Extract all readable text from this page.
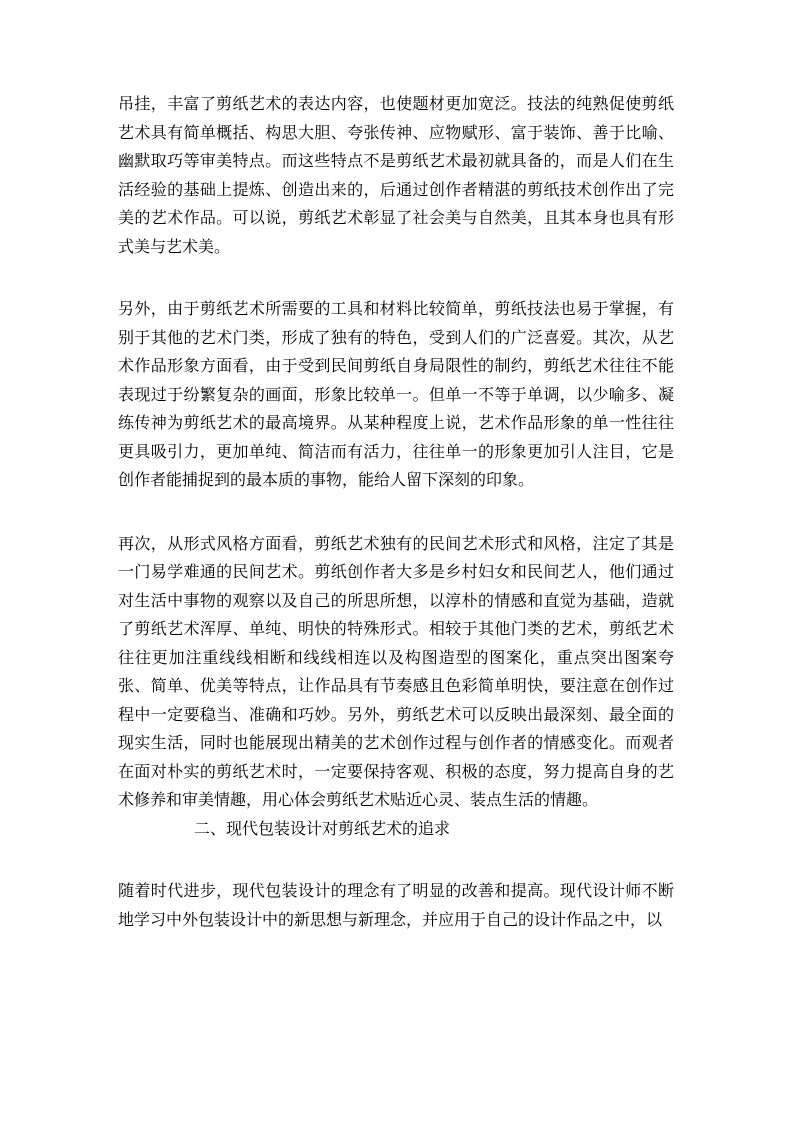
吊挂，丰富了剪纸艺术的表达内容，也使题材更加宽泛。技法的纯熟促使剪纸艺术具有简单概括、构思大胆、夸张传神、应物赋形、富于装饰、善于比喻、幽默取巧等审美特点。而这些特点不是剪纸艺术最初就具备的，而是人们在生活经验的基础上提炼、创造出来的，后通过创作者精湛的剪纸技术创作出了完美的艺术作品。可以说，剪纸艺术彰显了社会美与自然美，且其本身也具有形式美与艺术美。

另外，由于剪纸艺术所需要的工具和材料比较简单，剪纸技法也易于掌握，有别于其他的艺术门类，形成了独有的特色，受到人们的广泛喜爱。其次，从艺术作品形象方面看，由于受到民间剪纸自身局限性的制约，剪纸艺术往往不能表现过于纷繁复杂的画面，形象比较单一。但单一不等于单调，以少喻多、凝练传神为剪纸艺术的最高境界。从某种程度上说，艺术作品形象的单一性往往更具吸引力，更加单纯、简洁而有活力，往往单一的形象更加引人注目，它是创作者能捕捉到的最本质的事物，能给人留下深刻的印象。

再次，从形式风格方面看，剪纸艺术独有的民间艺术形式和风格，注定了其是一门易学难通的民间艺术。剪纸创作者大多是乡村妇女和民间艺人，他们通过对生活中事物的观察以及自己的所思所想，以淳朴的情感和直觉为基础，造就了剪纸艺术浑厚、单纯、明快的特殊形式。相较于其他门类的艺术，剪纸艺术往往更加注重线线相断和线线相连以及构图造型的图案化，重点突出图案夸张、简单、优美等特点，让作品具有节奏感且色彩简单明快，要注意在创作过程中一定要稳当、准确和巧妙。另外，剪纸艺术可以反映出最深刻、最全面的现实生活，同时也能展现出精美的艺术创作过程与创作者的情感变化。而观者在面对朴实的剪纸艺术时，一定要保持客观、积极的态度，努力提高自身的艺术修养和审美情趣，用心体会剪纸艺术贴近心灵、装点生活的情趣。

二、现代包装设计对剪纸艺术的追求

随着时代进步，现代包装设计的理念有了明显的改善和提高。现代设计师不断地学习中外包装设计中的新思想与新理念，并应用于自己的设计作品之中，以
